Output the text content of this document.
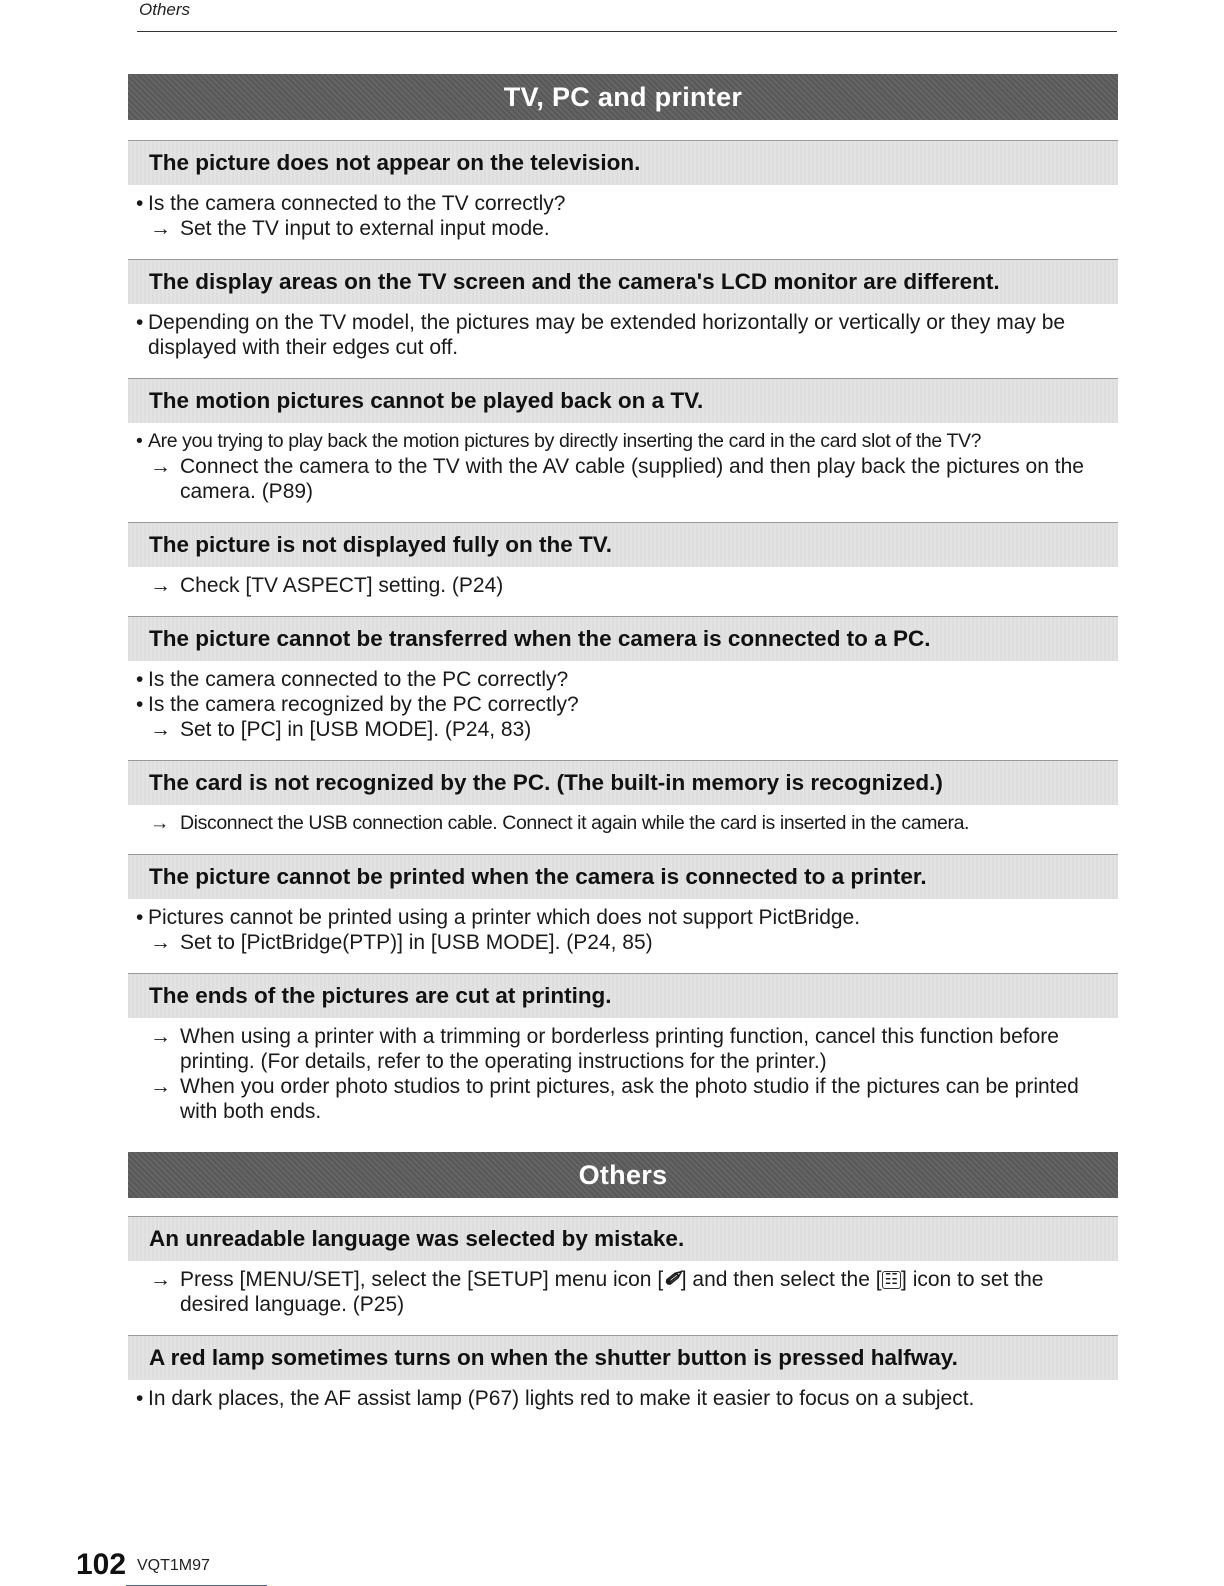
Others
TV, PC and printer
The picture does not appear on the television.
• Is the camera connected to the TV correctly?
→ Set the TV input to external input mode.
The display areas on the TV screen and the camera's LCD monitor are different.
• Depending on the TV model, the pictures may be extended horizontally or vertically or they may be displayed with their edges cut off.
The motion pictures cannot be played back on a TV.
• Are you trying to play back the motion pictures by directly inserting the card in the card slot of the TV?
→ Connect the camera to the TV with the AV cable (supplied) and then play back the pictures on the camera. (P89)
The picture is not displayed fully on the TV.
→ Check [TV ASPECT] setting. (P24)
The picture cannot be transferred when the camera is connected to a PC.
• Is the camera connected to the PC correctly?
• Is the camera recognized by the PC correctly?
→ Set to [PC] in [USB MODE]. (P24, 83)
The card is not recognized by the PC. (The built-in memory is recognized.)
→ Disconnect the USB connection cable. Connect it again while the card is inserted in the camera.
The picture cannot be printed when the camera is connected to a printer.
• Pictures cannot be printed using a printer which does not support PictBridge.
→ Set to [PictBridge(PTP)] in [USB MODE]. (P24, 85)
The ends of the pictures are cut at printing.
→ When using a printer with a trimming or borderless printing function, cancel this function before printing. (For details, refer to the operating instructions for the printer.)
→ When you order photo studios to print pictures, ask the photo studio if the pictures can be printed with both ends.
Others
An unreadable language was selected by mistake.
→ Press [MENU/SET], select the [SETUP] menu icon [✐] and then select the [ ☷ ] icon to set the desired language. (P25)
A red lamp sometimes turns on when the shutter button is pressed halfway.
• In dark places, the AF assist lamp (P67) lights red to make it easier to focus on a subject.
102 VQT1M97
